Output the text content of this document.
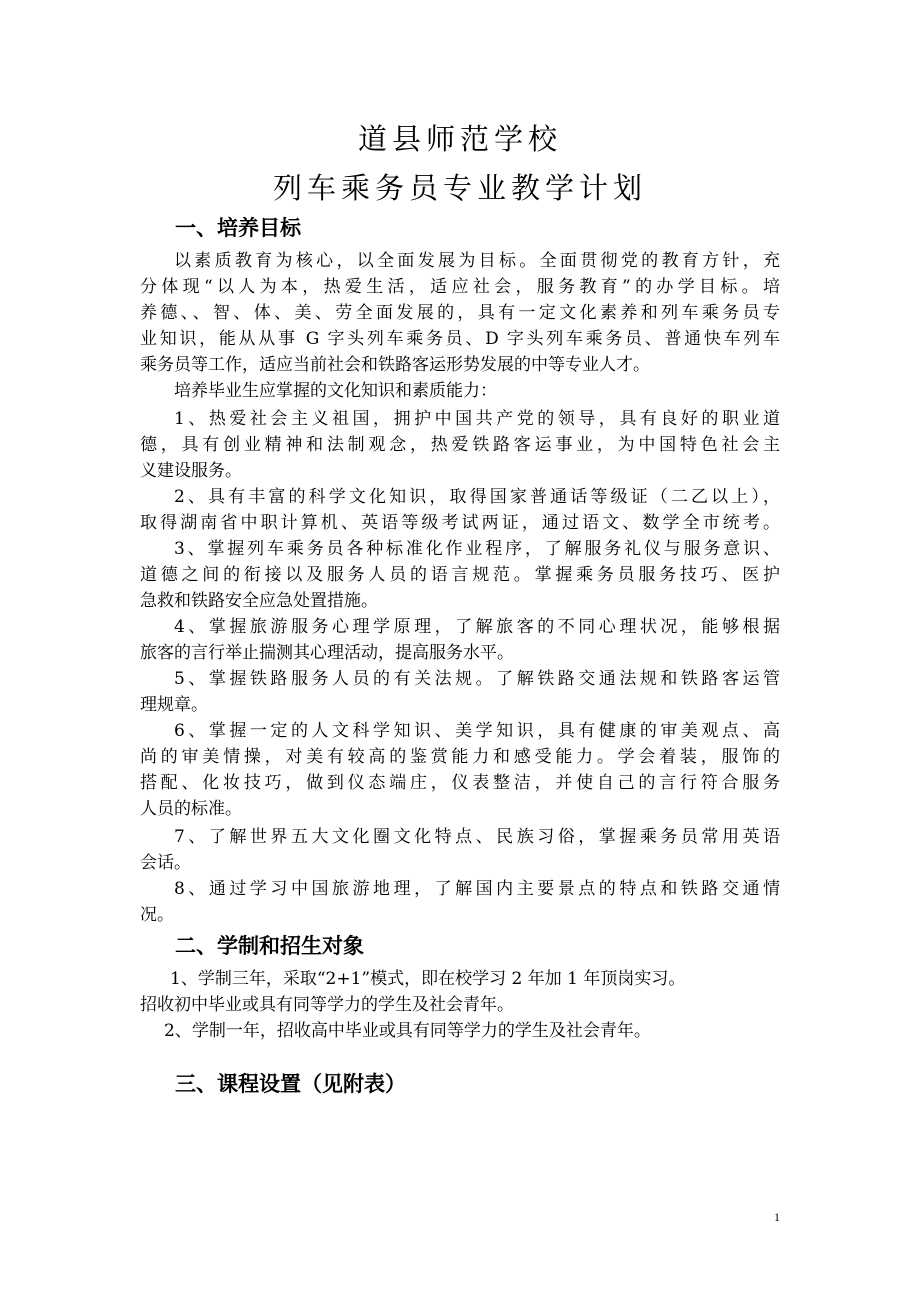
道县师范学校
列车乘务员专业教学计划
一、培养目标
以素质教育为核心，以全面发展为目标。全面贯彻党的教育方针，充
分体现“以人为本，热爱生活，适应社会，服务教育”的办学目标。培
养德、、智、体、美、劳全面发展的，具有一定文化素养和列车乘务员专
业知识，能从从事 G 字头列车乘务员、D 字头列车乘务员、普通快车列车
乘务员等工作，适应当前社会和铁路客运形势发展的中等专业人才。
培养毕业生应掌握的文化知识和素质能力：
1、热爱社会主义祖国，拥护中国共产党的领导，具有良好的职业道
德，具有创业精神和法制观念，热爱铁路客运事业，为中国特色社会主
义建设服务。
2、具有丰富的科学文化知识，取得国家普通话等级证（二乙以上），
取得湖南省中职计算机、英语等级考试两证，通过语文、数学全市统考。
3、掌握列车乘务员各种标准化作业程序，了解服务礼仪与服务意识、
道德之间的衔接以及服务人员的语言规范。掌握乘务员服务技巧、医护
急救和铁路安全应急处置措施。
4、掌握旅游服务心理学原理，了解旅客的不同心理状况，能够根据
旅客的言行举止揣测其心理活动，提高服务水平。
5、掌握铁路服务人员的有关法规。了解铁路交通法规和铁路客运管
理规章。
6、掌握一定的人文科学知识、美学知识，具有健康的审美观点、高
尚的审美情操，对美有较高的鉴赏能力和感受能力。学会着装，服饰的
搭配、化妆技巧，做到仪态端庄，仪表整洁，并使自己的言行符合服务
人员的标准。
7、了解世界五大文化圈文化特点、民族习俗，掌握乘务员常用英语
会话。
8、通过学习中国旅游地理，了解国内主要景点的特点和铁路交通情
况。
二、学制和招生对象
1、学制三年，采取“2+1”模式，即在校学习 2 年加 1 年顶岗实习。
招收初中毕业或具有同等学力的学生及社会青年。
2、学制一年，招收高中毕业或具有同等学力的学生及社会青年。
三、课程设置（见附表）
1
